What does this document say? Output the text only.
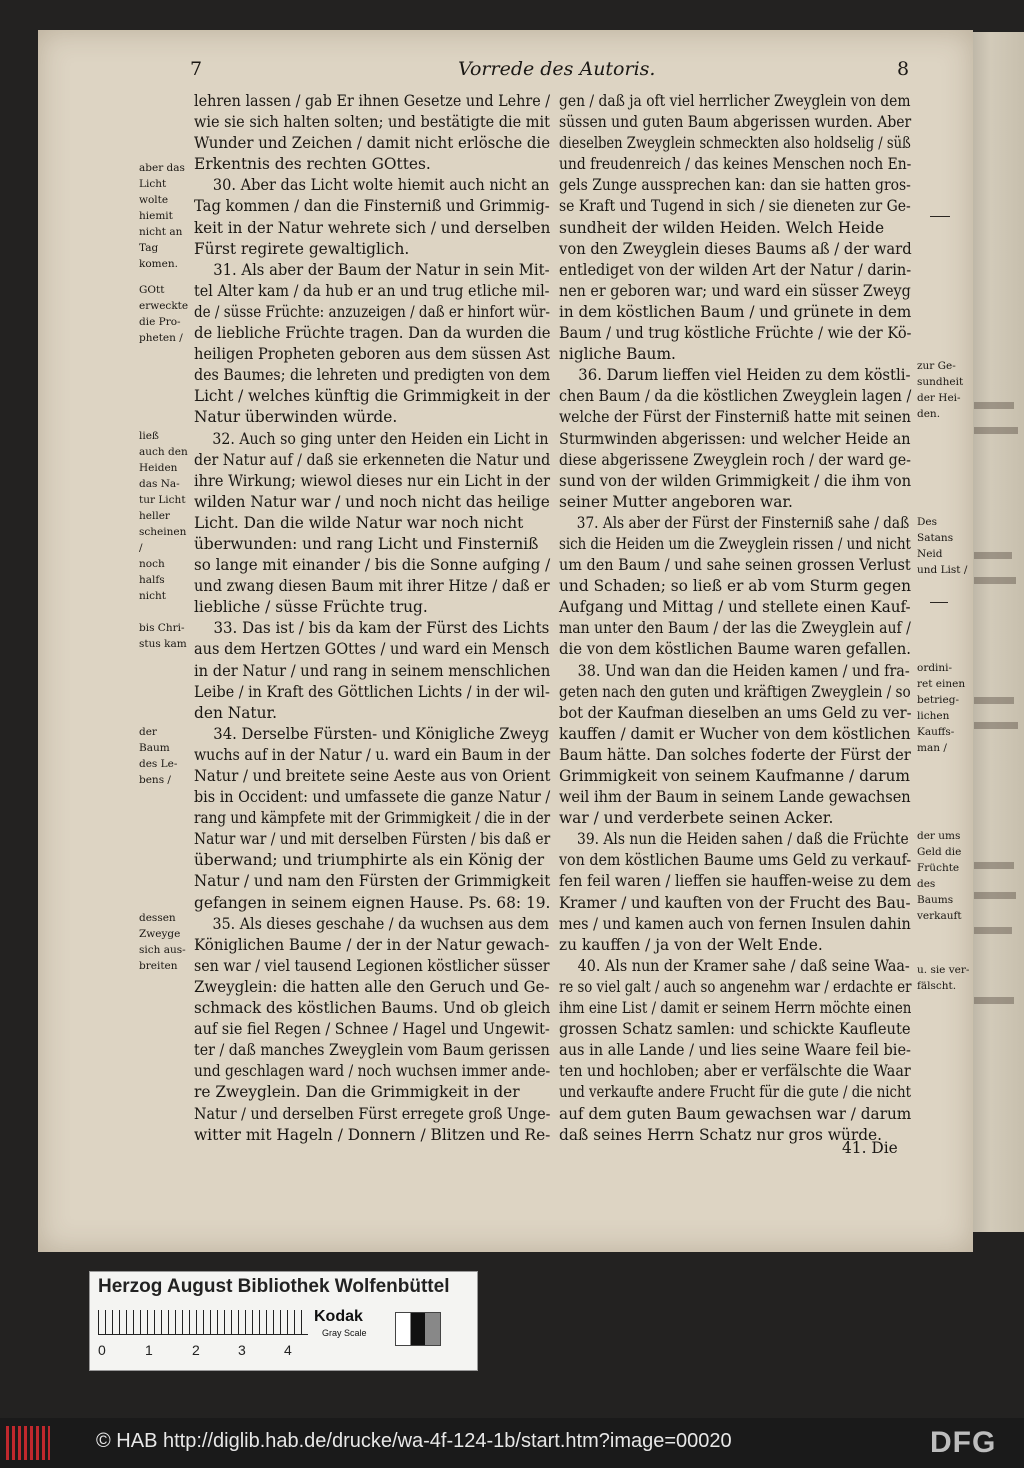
7	Vorrede des Autoris.	8
lehren lassen / gab Er ihnen Gesetze und Lehre /
wie sie sich halten solten; und bestätigte die mit
Wunder und Zeichen / damit nicht erlösche die
Erkentnis des rechten GOttes.
30. Aber das Licht wolte hiemit auch nicht an
Tag kommen / dan die Finsterniß und Grimmig-
keit in der Natur wehrete sich / und derselben
Fürst regirete gewaltiglich.
31. Als aber der Baum der Natur in sein Mit-
tel Alter kam / da hub er an und trug etliche mil-
de / süsse Früchte: anzuzeigen / daß er hinfort wür-
de liebliche Früchte tragen. Dan da wurden die
heiligen Propheten geboren aus dem süssen Ast
des Baumes; die lehreten und predigten von dem
Licht / welches künftig die Grimmigkeit in der
Natur überwinden würde.
32. Auch so ging unter den Heiden ein Licht in
der Natur auf / daß sie erkenneten die Natur und
ihre Wirkung; wiewol dieses nur ein Licht in der
wilden Natur war / und noch nicht das heilige
Licht. Dan die wilde Natur war noch nicht
überwunden: und rang Licht und Finsterniß
so lange mit einander / bis die Sonne aufging /
und zwang diesen Baum mit ihrer Hitze / daß er
liebliche / süsse Früchte trug.
33. Das ist / bis da kam der Fürst des Lichts
aus dem Hertzen GOttes / und ward ein Mensch
in der Natur / und rang in seinem menschlichen
Leibe / in Kraft des Göttlichen Lichts / in der wil-
den Natur.
34. Derselbe Fürsten- und Königliche Zweyg
wuchs auf in der Natur / u. ward ein Baum in der
Natur / und breitete seine Aeste aus von Orient
bis in Occident: und umfassete die ganze Natur /
rang und kämpfete mit der Grimmigkeit / die in der
Natur war / und mit derselben Fürsten / bis daß er
überwand; und triumphirte als ein König der
Natur / und nam den Fürsten der Grimmigkeit
gefangen in seinem eignen Hause. Ps. 68: 19.
35. Als dieses geschahe / da wuchsen aus dem
Königlichen Baume / der in der Natur gewach-
sen war / viel tausend Legionen köstlicher süsser
Zweyglein: die hatten alle den Geruch und Ge-
schmack des köstlichen Baums. Und ob gleich
auf sie fiel Regen / Schnee / Hagel und Ungewit-
ter / daß manches Zweyglein vom Baum gerissen
und geschlagen ward / noch wuchsen immer ande-
re Zweyglein. Dan die Grimmigkeit in der
Natur / und derselben Fürst erregete groß Unge-
witter mit Hageln / Donnern / Blitzen und Re-
gen / daß ja oft viel herrlicher Zweyglein von dem
süssen und guten Baum abgerissen wurden. Aber
dieselben Zweyglein schmeckten also holdselig / süß
und freudenreich / das keines Menschen noch En-
gels Zunge aussprechen kan: dan sie hatten gros-
se Kraft und Tugend in sich / sie dieneten zur Ge-
sundheit der wilden Heiden. Welch Heide
von den Zweyglein dieses Baums aß / der ward
entlediget von der wilden Art der Natur / darin-
nen er geboren war; und ward ein süsser Zweyg
in dem köstlichen Baum / und grünete in dem
Baum / und trug köstliche Früchte / wie der Kö-
nigliche Baum.
36. Darum lieffen viel Heiden zu dem köstli-
chen Baum / da die köstlichen Zweyglein lagen /
welche der Fürst der Finsterniß hatte mit seinen
Sturmwinden abgerissen: und welcher Heide an
diese abgerissene Zweyglein roch / der ward ge-
sund von der wilden Grimmigkeit / die ihm von
seiner Mutter angeboren war.
37. Als aber der Fürst der Finsterniß sahe / daß
sich die Heiden um die Zweyglein rissen / und nicht
um den Baum / und sahe seinen grossen Verlust
und Schaden; so ließ er ab vom Sturm gegen
Aufgang und Mittag / und stellete einen Kauf-
man unter den Baum / der las die Zweyglein auf /
die von dem köstlichen Baume waren gefallen.
38. Und wan dan die Heiden kamen / und fra-
geten nach den guten und kräftigen Zweyglein / so
bot der Kaufman dieselben an ums Geld zu ver-
kauffen / damit er Wucher von dem köstlichen
Baum hätte. Dan solches foderte der Fürst der
Grimmigkeit von seinem Kaufmanne / darum
weil ihm der Baum in seinem Lande gewachsen
war / und verderbete seinen Acker.
39. Als nun die Heiden sahen / daß die Früchte
von dem köstlichen Baume ums Geld zu verkauf-
fen feil waren / lieffen sie hauffen-weise zu dem
Kramer / und kauften von der Frucht des Bau-
mes / und kamen auch von fernen Insulen dahin
zu kauffen / ja von der Welt Ende.
40. Als nun der Kramer sahe / daß seine Waa-
re so viel galt / auch so angenehm war / erdachte er
ihm eine List / damit er seinem Herrn möchte einen
grossen Schatz samlen: und schickte Kaufleute
aus in alle Lande / und lies seine Waare feil bie-
ten und hochloben; aber er verfälschte die Waar
und verkaufte andere Frucht für die gute / die nicht
auf dem guten Baum gewachsen war / darum
daß seines Herrn Schatz nur gros würde.
41. Die
aber das
Licht
wolte
hiemit
nicht an
Tag
komen.
GOtt
erweckte
die Pro-
pheten /
ließ
auch den
Heiden
das Na-
tur Licht
heller
scheinen /
noch
halfs
nicht
bis Chri-
stus kam
der
Baum
des Le-
bens /
dessen
Zweyge
sich aus-
breiten
zur Ge-
sundheit
der Hei-
den.
Des
Satans
Neid
und List /
ordini-
ret einen
betrieg-
lichen
Kauffs-
man /
der ums
Geld die
Früchte
des
Baums
verkauft
u. sie ver-
fälscht.
Herzog August Bibliothek Wolfenbüttel
0	1	2	3	4
Kodak
Gray Scale
© HAB http://diglib.hab.de/drucke/wa-4f-124-1b/start.htm?image=00020	DFG
